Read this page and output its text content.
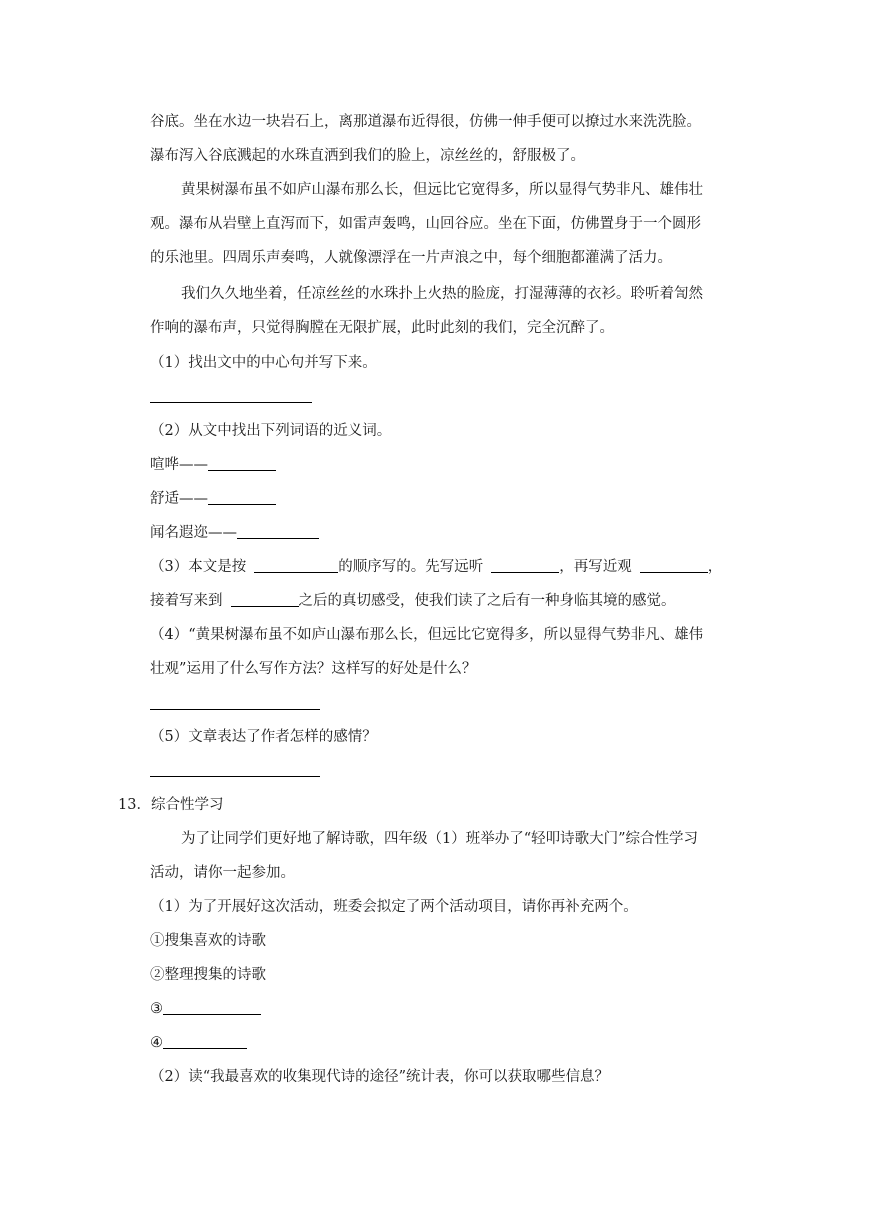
谷底。坐在水边一块岩石上，离那道瀑布近得很，仿佛一伸手便可以撩过水来洗洗脸。
瀑布泻入谷底溅起的水珠直洒到我们的脸上，凉丝丝的，舒服极了。
黄果树瀑布虽不如庐山瀑布那么长，但远比它宽得多，所以显得气势非凡、雄伟壮
观。瀑布从岩壁上直泻而下，如雷声轰鸣，山回谷应。坐在下面，仿佛置身于一个圆形
的乐池里。四周乐声奏鸣，人就像漂浮在一片声浪之中，每个细胞都灌满了活力。
我们久久地坐着，任凉丝丝的水珠扑上火热的脸庞，打湿薄薄的衣衫。聆听着訇然
作响的瀑布声，只觉得胸膛在无限扩展，此时此刻的我们，完全沉醉了。
（1）找出文中的中心句并写下来。
（2）从文中找出下列词语的近义词。
喧哗——
舒适——
闻名遐迩——
（3）本文是按	的顺序写的。先写远听	，再写近观	，
接着写来到	之后的真切感受，使我们读了之后有一种身临其境的感觉。
（4）“黄果树瀑布虽不如庐山瀑布那么长，但远比它宽得多，所以显得气势非凡、雄伟
壮观”运用了什么写作方法？这样写的好处是什么？
（5）文章表达了作者怎样的感情？
13．综合性学习
为了让同学们更好地了解诗歌，四年级（1）班举办了“轻叩诗歌大门”综合性学习
活动，请你一起参加。
（1）为了开展好这次活动，班委会拟定了两个活动项目，请你再补充两个。
①搜集喜欢的诗歌
②整理搜集的诗歌
③
④
（2）读“我最喜欢的收集现代诗的途径”统计表，你可以获取哪些信息？
